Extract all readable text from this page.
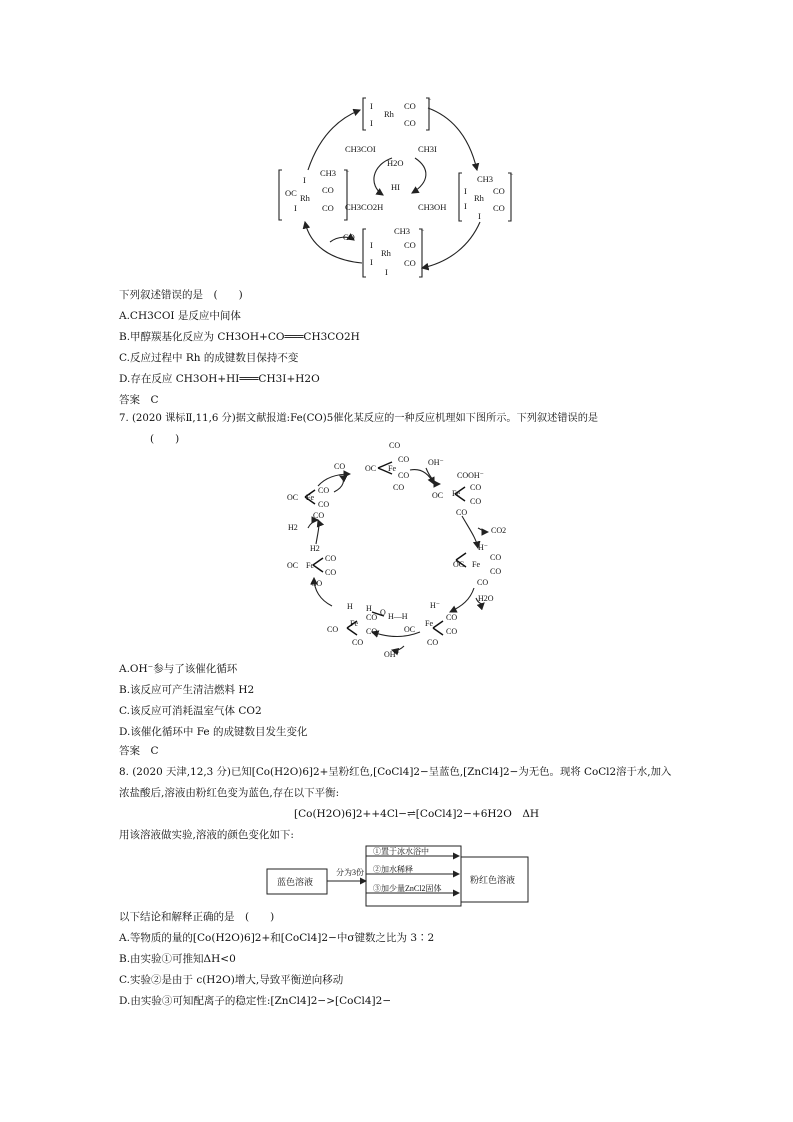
I
Rh
CO
I	CO
−
CH3COI
H2O
CH3I
HI
CH3CO2H	CH3OH
CH3
I
Rh
CO
I	CO
I
−
CH3
I
Rh
CO
I	CO
I
−
CH3
I
OC Rh
CO
I	CO
−
CO
下列叙述错误的是　(　　)
A.CH3COI 是反应中间体
B.甲醇羰基化反应为 CH3OH+CO═══CH3CO2H
C.反应过程中 Rh 的成键数目保持不变
D.存在反应 CH3OH+HI═══CH3I+H2O
答案　C
7. (2020 课标Ⅱ,11,6 分)据文献报道:Fe(CO)5催化某反应的一种反应机理如下图所示。下列叙述错误的是
(　　)
CO
CO OC Fe
CO
CO
CO
OH⁻
COOH⁻
OC Fe
CO
CO
CO
CO2
H⁻
OC Fe
CO
CO
CO
H2O
H⁻
OC
Fe
CO
CO
CO
O
H
H—H
OH⁻
H
CO
Fe
CO
CO
CO
H2
OC Fe
CO
CO
CO
H2
OC Fe
CO
CO
CO
A.OH⁻参与了该催化循环
B.该反应可产生清洁燃料 H2
C.该反应可消耗温室气体 CO2
D.该催化循环中 Fe 的成键数目发生变化
答案　C
8. (2020 天津,12,3 分)已知[Co(H2O)6]2+呈粉红色,[CoCl4]2−呈蓝色,[ZnCl4]2−为无色。现将 CoCl2溶于水,加入
浓盐酸后,溶液由粉红色变为蓝色,存在以下平衡:
[Co(H2O)6]2++4Cl−⇌[CoCl4]2−+6H2O　ΔH
用该溶液做实验,溶液的颜色变化如下:
蓝色溶液
分为3份
①置于冰水浴中
②加水稀释
③加少量ZnCl2固体
粉红色溶液
以下结论和解释正确的是　(　　)
A.等物质的量的[Co(H2O)6]2+和[CoCl4]2−中σ键数之比为 3∶2
B.由实验①可推知ΔH<0
C.实验②是由于 c(H2O)增大,导致平衡逆向移动
D.由实验③可知配离子的稳定性:[ZnCl4]2−>[CoCl4]2−
